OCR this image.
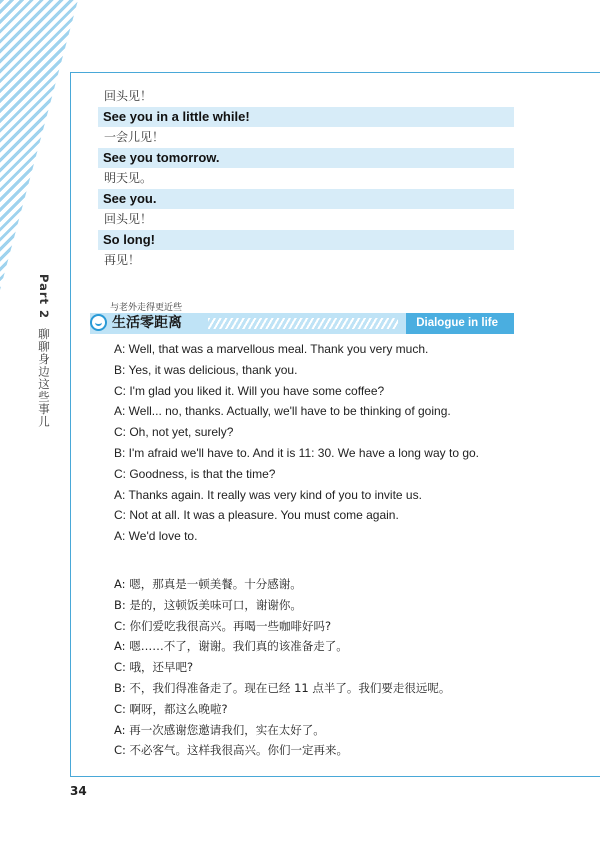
Part 2 聊聊身边这些事儿
回头见！
See you in a little while!
一会儿见！
See you tomorrow.
明天见。
See you.
回头见！
So long!
再见！
与老外走得更近些
生活零距离	Dialogue in life
A: Well, that was a marvellous meal. Thank you very much.
B: Yes, it was delicious, thank you.
C: I'm glad you liked it. Will you have some coffee?
A: Well... no, thanks. Actually, we'll have to be thinking of going.
C: Oh, not yet, surely?
B: I'm afraid we'll have to. And it is 11: 30. We have a long way to go.
C: Goodness, is that the time?
A: Thanks again. It really was very kind of you to invite us.
C: Not at all. It was a pleasure. You must come again.
A: We'd love to.
A: 嗯，那真是一顿美餐。十分感谢。
B: 是的，这顿饭美味可口，谢谢你。
C: 你们爱吃我很高兴。再喝一些咖啡好吗?
A: 嗯……不了，谢谢。我们真的该准备走了。
C: 哦，还早吧?
B: 不，我们得准备走了。现在已经 11 点半了。我们要走很远呢。
C: 啊呀，都这么晚啦?
A: 再一次感谢您邀请我们，实在太好了。
C: 不必客气。这样我很高兴。你们一定再来。
34
